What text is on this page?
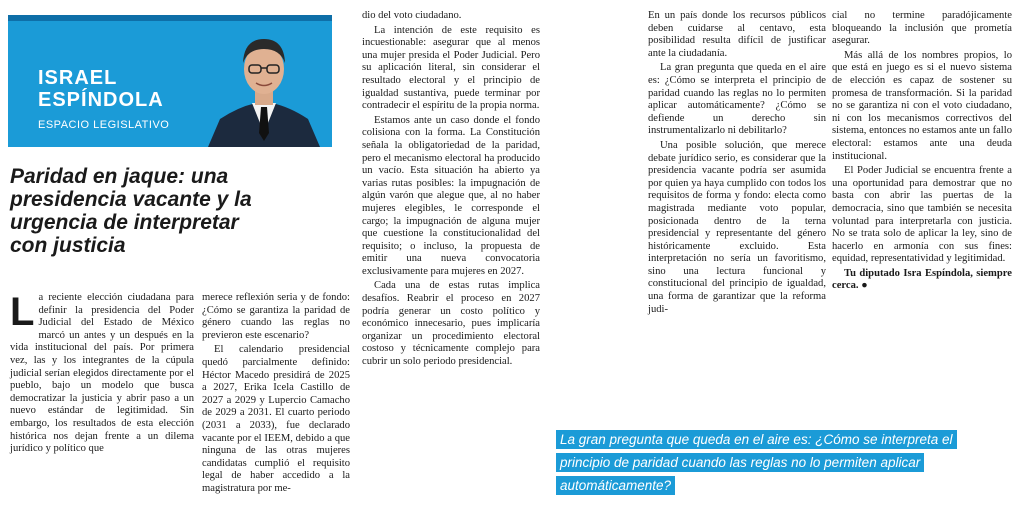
ISRAEL
ESPÍNDOLA
ESPACIO LEGISLATIVO
Paridad en jaque: una presidencia vacante y la urgencia de interpretar con justicia

La reciente elección ciudadana para definir la presidencia del Poder Judicial del Estado de México marcó un antes y un después en la vida institucional del país. Por primera vez, las y los integrantes de la cúpula judicial serían elegidos directamente por el pueblo, bajo un modelo que busca democratizar la justicia y abrir paso a un nuevo estándar de legitimidad. Sin embargo, los resultados de esta elección histórica nos dejan frente a un dilema jurídico y político que

merece reflexión seria y de fondo: ¿Cómo se garantiza la paridad de género cuando las reglas no previeron este escenario?

El calendario presidencial quedó parcialmente definido: Héctor Macedo presidirá de 2025 a 2027, Erika Icela Castillo de 2027 a 2029 y Lupercio Camacho de 2029 a 2031. El cuarto periodo (2031 a 2033), fue declarado vacante por el IEEM, debido a que ninguna de las otras mujeres candidatas cumplió el requisito legal de haber accedido a la magistratura por me-

dio del voto ciudadano.

La intención de este requisito es incuestionable: asegurar que al menos una mujer presida el Poder Judicial. Pero su aplicación literal, sin considerar el resultado electoral y el principio de igualdad sustantiva, puede terminar por contradecir el espíritu de la propia norma.

Estamos ante un caso donde el fondo colisiona con la forma. La Constitución señala la obligatoriedad de la paridad, pero el mecanismo electoral ha producido un vacío. Esta situación ha abierto ya varias rutas posibles: la impugnación de algún varón que alegue que, al no haber mujeres elegibles, le corresponde el cargo; la impugnación de alguna mujer que cuestione la constitucionalidad del requisito; o incluso, la propuesta de emitir una nueva convocatoria exclusivamente para mujeres en 2027.

Cada una de estas rutas implica desafíos. Reabrir el proceso en 2027 podría generar un costo político y económico innecesario, pues implicaría organizar un procedimiento electoral costoso y técnicamente complejo para cubrir un solo periodo presidencial.

En un país donde los recursos públicos deben cuidarse al centavo, esta posibilidad resulta difícil de justificar ante la ciudadanía.

La gran pregunta que queda en el aire es: ¿Cómo se interpreta el principio de paridad cuando las reglas no lo permiten aplicar automáticamente? ¿Cómo se defiende un derecho sin instrumentalizarlo ni debilitarlo?

Una posible solución, que merece debate jurídico serio, es considerar que la presidencia vacante podría ser asumida por quien ya haya cumplido con todos los requisitos de forma y fondo: electa como magistrada mediante voto popular, posicionada dentro de la terna presidencial y representante del género históricamente excluido. Esta interpretación no sería un favoritismo, sino una lectura funcional y constitucional del principio de igualdad, una forma de garantizar que la reforma judi-

cial no termine paradójicamente bloqueando la inclusión que prometía asegurar.

Más allá de los nombres propios, lo que está en juego es si el nuevo sistema de elección es capaz de sostener su promesa de transformación. Si la paridad no se garantiza ni con el voto ciudadano, ni con los mecanismos correctivos del sistema, entonces no estamos ante un fallo electoral: estamos ante una deuda institucional.

El Poder Judicial se encuentra frente a una oportunidad para demostrar que no basta con abrir las puertas de la democracia, sino que también se necesita voluntad para interpretarla con justicia. No se trata solo de aplicar la ley, sino de hacerlo en armonía con sus fines: equidad, representatividad y legitimidad.

Tu diputado Isra Espíndola, siempre cerca. ●

La gran pregunta que queda en el aire es: ¿Cómo se interpreta el principio de paridad cuando las reglas no lo permiten aplicar automáticamente?
